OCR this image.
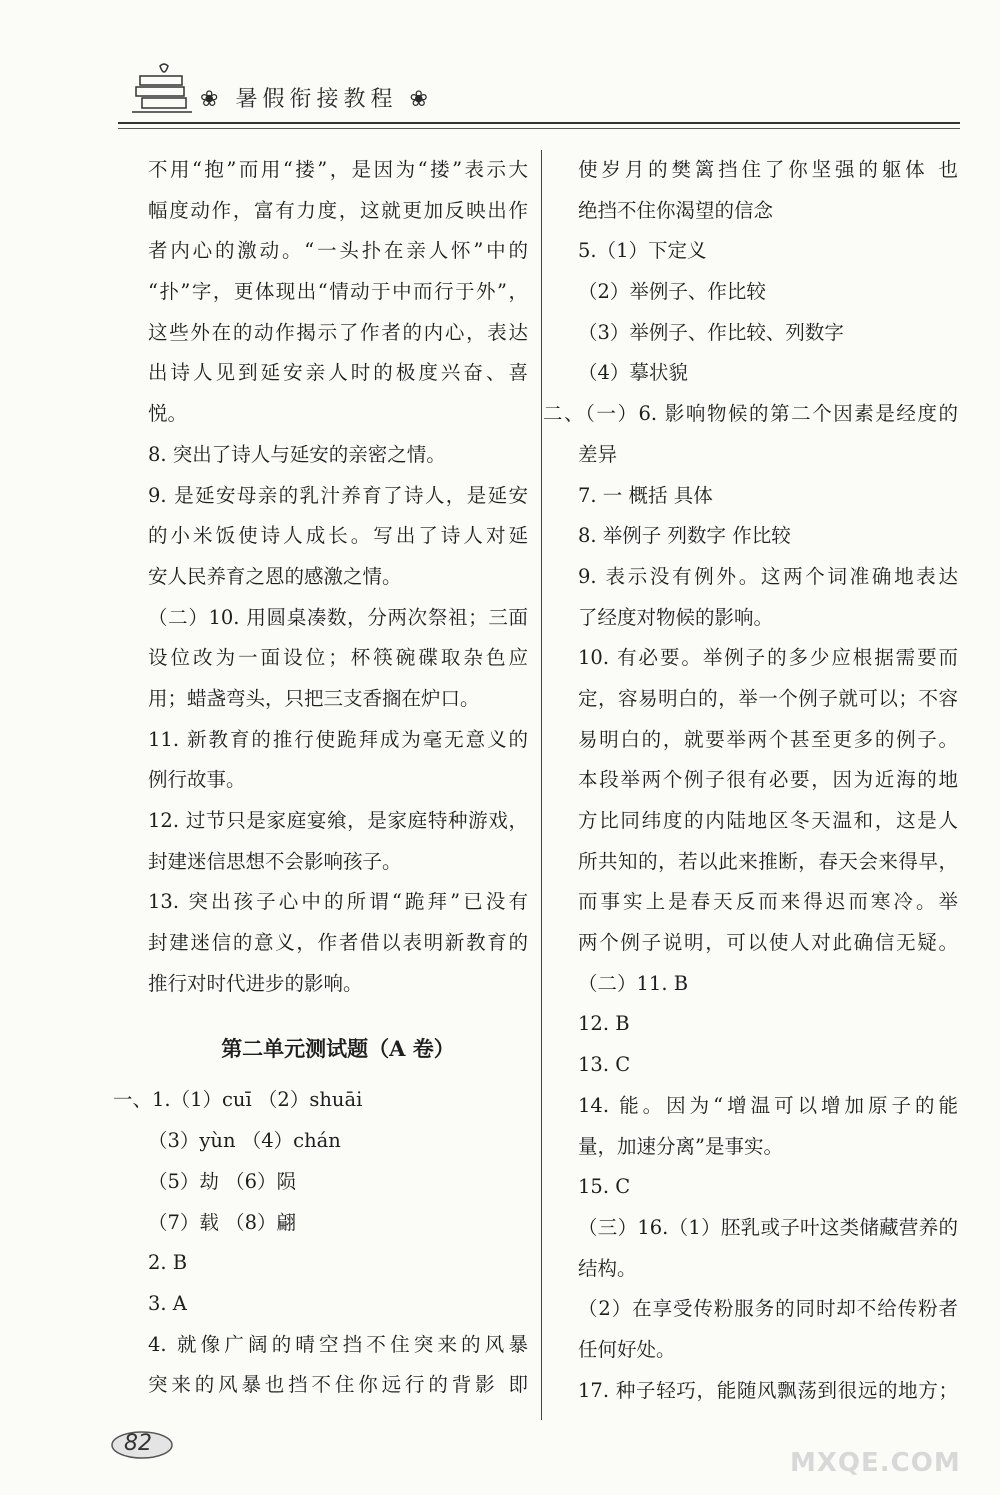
❀ 暑假衔接教程 ❀
不用“抱”而用“搂”，是因为“搂”表示大
幅度动作，富有力度，这就更加反映出作
者内心的激动。“一头扑在亲人怀”中的
“扑”字，更体现出“情动于中而行于外”，
这些外在的动作揭示了作者的内心，表达
出诗人见到延安亲人时的极度兴奋、喜
悦。
8. 突出了诗人与延安的亲密之情。
9. 是延安母亲的乳汁养育了诗人，是延安
的小米饭使诗人成长。写出了诗人对延
安人民养育之恩的感激之情。
（二）10. 用圆桌凑数，分两次祭祖；三面
设位改为一面设位；杯筷碗碟取杂色应
用；蜡盏弯头，只把三支香搁在炉口。
11. 新教育的推行使跪拜成为毫无意义的
例行故事。
12. 过节只是家庭宴飨，是家庭特种游戏，
封建迷信思想不会影响孩子。
13. 突出孩子心中的所谓“跪拜”已没有
封建迷信的意义，作者借以表明新教育的
推行对时代进步的影响。
第二单元测试题（A 卷）
一、1.（1）cuī （2）shuāi
（3）yùn （4）chán
（5）劫 （6）陨
（7）载 （8）翩
2. B
3. A
4. 就像广阔的晴空挡不住突来的风暴
突来的风暴也挡不住你远行的背影 即
使岁月的樊篱挡住了你坚强的躯体 也
绝挡不住你渴望的信念
5.（1）下定义
（2）举例子、作比较
（3）举例子、作比较、列数字
（4）摹状貌
二、（一）6. 影响物候的第二个因素是经度的
差异
7. 一 概括 具体
8. 举例子 列数字 作比较
9. 表示没有例外。这两个词准确地表达
了经度对物候的影响。
10. 有必要。举例子的多少应根据需要而
定，容易明白的，举一个例子就可以；不容
易明白的，就要举两个甚至更多的例子。
本段举两个例子很有必要，因为近海的地
方比同纬度的内陆地区冬天温和，这是人
所共知的，若以此来推断，春天会来得早，
而事实上是春天反而来得迟而寒冷。举
两个例子说明，可以使人对此确信无疑。
（二）11. B
12. B
13. C
14. 能。因为“增温可以增加原子的能
量，加速分离”是事实。
15. C
（三）16.（1）胚乳或子叶这类储藏营养的
结构。
（2）在享受传粉服务的同时却不给传粉者
任何好处。
17. 种子轻巧，能随风飘荡到很远的地方；
82
MXQE.COM
